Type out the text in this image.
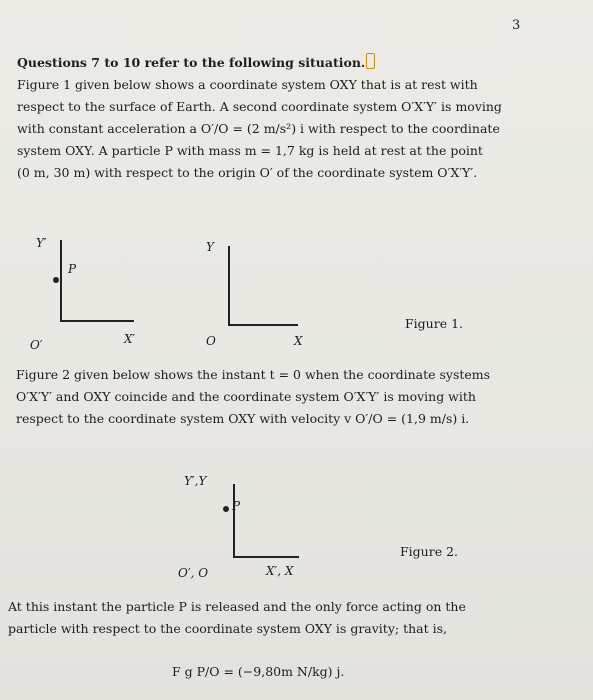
3
Questions 7 to 10 refer to the following situation.
Figure 1 given below shows a coordinate system OXY that is at rest with
respect to the surface of Earth. A second coordinate system O′X′Y′ is moving
with constant acceleration a O′/O = (2 m/s²) i with respect to the coordinate
system OXY. A particle P with mass m = 1,7 kg is held at rest at the point
(0 m, 30 m) with respect to the origin O′ of the coordinate system O′X′Y′.
Y′
X′
O′
P
Y
X
O
Figure 1.
Figure 2 given below shows the instant t = 0 when the coordinate systems
O′X′Y′ and OXY coincide and the coordinate system O′X′Y′ is moving with
respect to the coordinate system OXY with velocity v O′/O = (1,9 m/s) i.
Y′,Y
X′, X
O′, O
P
Figure 2.
At this instant the particle P is released and the only force acting on the
particle with respect to the coordinate system OXY is gravity; that is,
F g P/O = (−9,80m N/kg) j.
